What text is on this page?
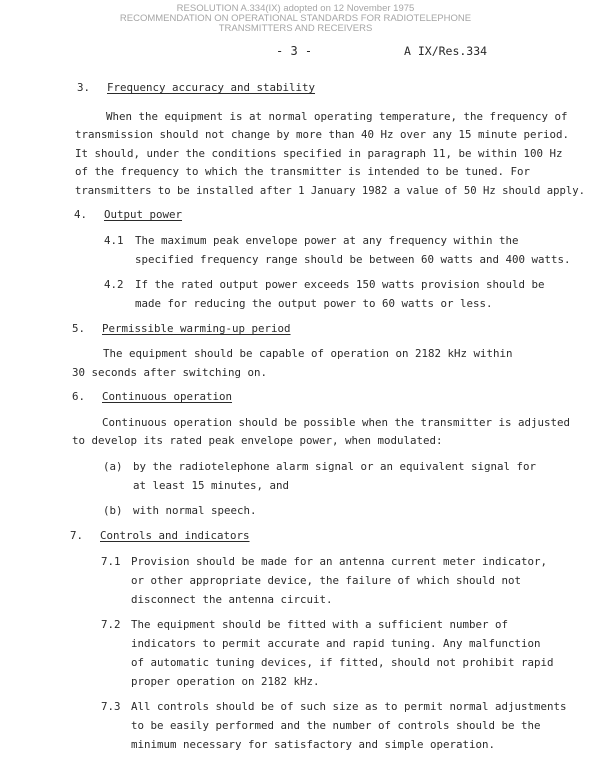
RESOLUTION A.334(IX) adopted on 12 November 1975
RECOMMENDATION ON OPERATIONAL STANDARDS FOR RADIOTELEPHONE
TRANSMITTERS AND RECEIVERS
- 3 -	A IX/Res.334
3. Frequency accuracy and stability
When the equipment is at normal operating temperature, the frequency of
transmission should not change by more than 40 Hz over any 15 minute period.
It should, under the conditions specified in paragraph 11, be within 100 Hz
of the frequency to which the transmitter is intended to be tuned. For
transmitters to be installed after 1 January 1982 a value of 50 Hz should apply.
4. Output power
4.1 The maximum peak envelope power at any frequency within the
specified frequency range should be between 60 watts and 400 watts.
4.2 If the rated output power exceeds 150 watts provision should be
made for reducing the output power to 60 watts or less.
5. Permissible warming-up period
The equipment should be capable of operation on 2182 kHz within
30 seconds after switching on.
6. Continuous operation
Continuous operation should be possible when the transmitter is adjusted
to develop its rated peak envelope power, when modulated:
(a) by the radiotelephone alarm signal or an equivalent signal for
at least 15 minutes, and
(b) with normal speech.
7. Controls and indicators
7.1 Provision should be made for an antenna current meter indicator,
or other appropriate device, the failure of which should not
disconnect the antenna circuit.
7.2 The equipment should be fitted with a sufficient number of
indicators to permit accurate and rapid tuning. Any malfunction
of automatic tuning devices, if fitted, should not prohibit rapid
proper operation on 2182 kHz.
7.3 All controls should be of such size as to permit normal adjustments
to be easily performed and the number of controls should be the
minimum necessary for satisfactory and simple operation.
